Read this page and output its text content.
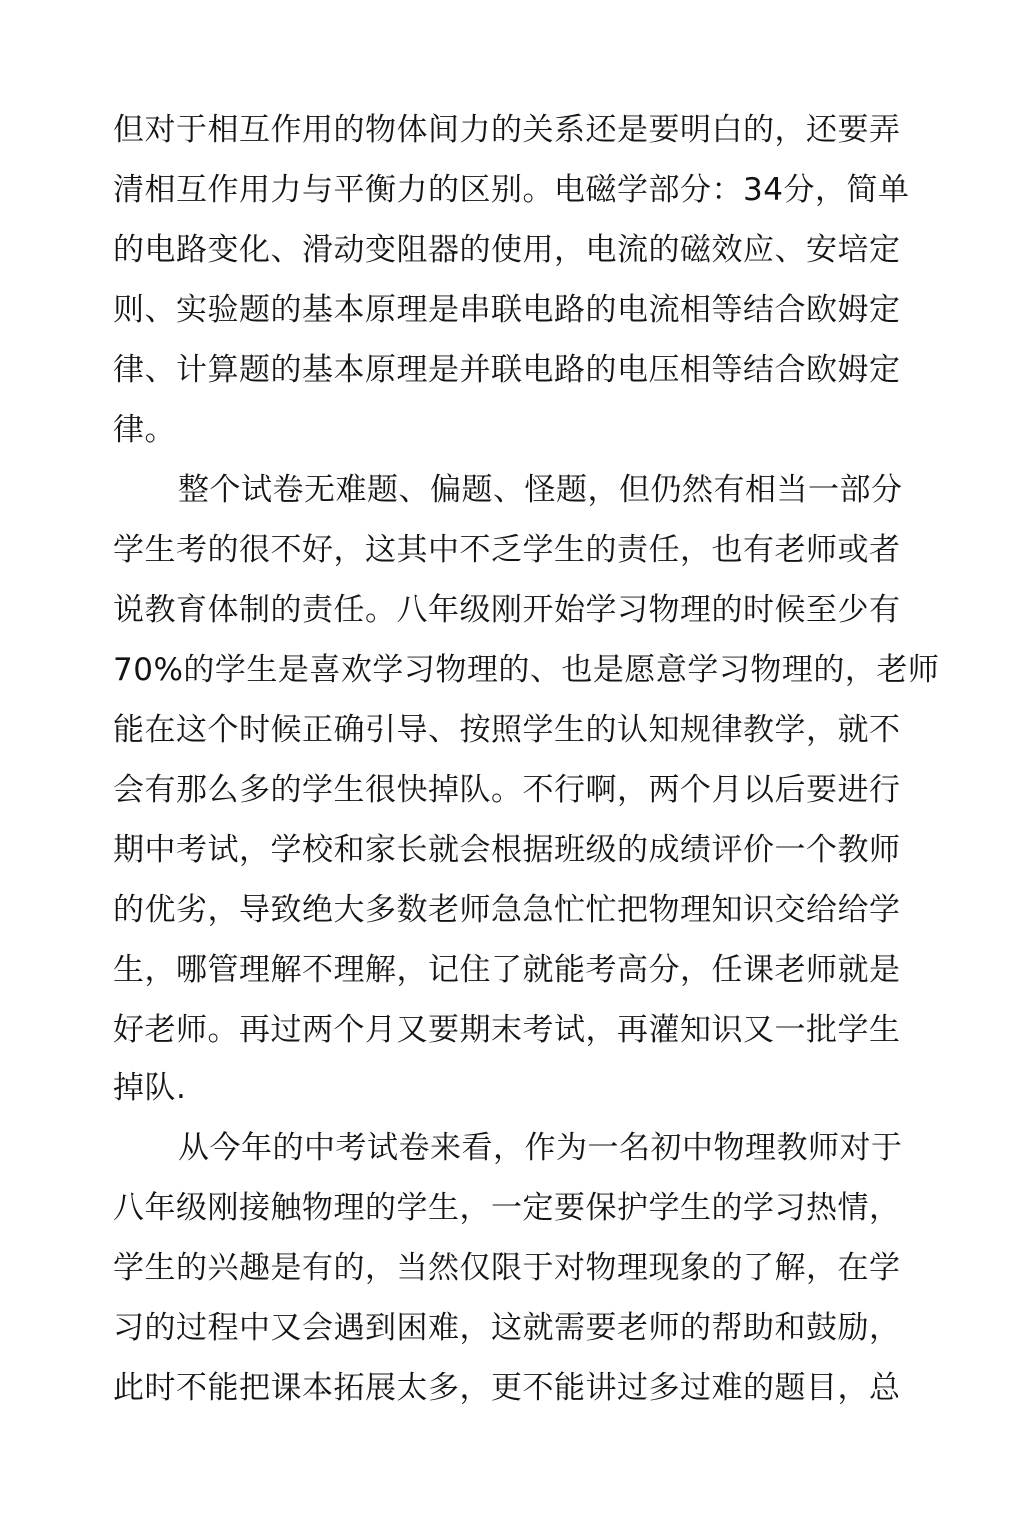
但对于相互作用的物体间力的关系还是要明白的，还要弄
清相互作用力与平衡力的区别。电磁学部分：34分，简单
的电路变化、滑动变阻器的使用，电流的磁效应、安培定
则、实验题的基本原理是串联电路的电流相等结合欧姆定
律、计算题的基本原理是并联电路的电压相等结合欧姆定
律。
整个试卷无难题、偏题、怪题，但仍然有相当一部分
学生考的很不好，这其中不乏学生的责任，也有老师或者
说教育体制的责任。八年级刚开始学习物理的时候至少有
70%的学生是喜欢学习物理的、也是愿意学习物理的，老师
能在这个时候正确引导、按照学生的认知规律教学，就不
会有那么多的学生很快掉队。不行啊，两个月以后要进行
期中考试，学校和家长就会根据班级的成绩评价一个教师
的优劣，导致绝大多数老师急急忙忙把物理知识交给给学
生，哪管理解不理解，记住了就能考高分，任课老师就是
好老师。再过两个月又要期末考试，再灌知识又一批学生
掉队.
从今年的中考试卷来看，作为一名初中物理教师对于
八年级刚接触物理的学生，一定要保护学生的学习热情，
学生的兴趣是有的，当然仅限于对物理现象的了解，在学
习的过程中又会遇到困难，这就需要老师的帮助和鼓励，
此时不能把课本拓展太多，更不能讲过多过难的题目，总
